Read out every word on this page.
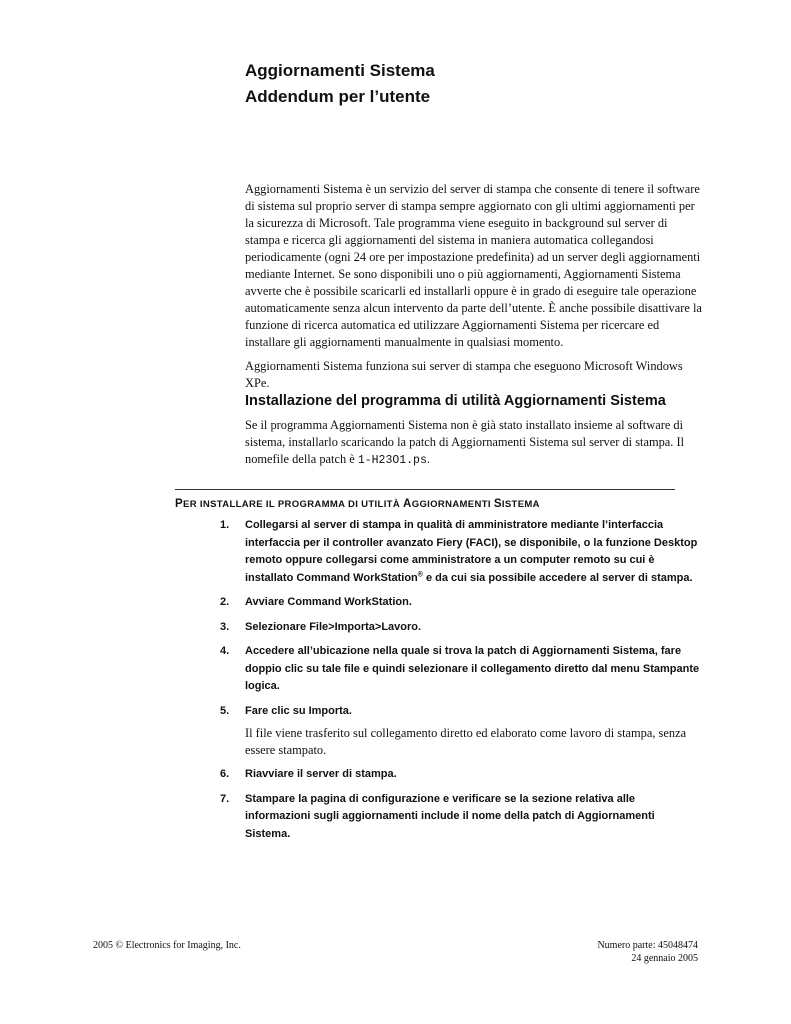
Aggiornamenti Sistema
Addendum per l’utente

Aggiornamenti Sistema è un servizio del server di stampa che consente di tenere il software di sistema sul proprio server di stampa sempre aggiornato con gli ultimi aggiornamenti per la sicurezza di Microsoft. Tale programma viene eseguito in background sul server di stampa e ricerca gli aggiornamenti del sistema in maniera automatica collegandosi periodicamente (ogni 24 ore per impostazione predefinita) ad un server degli aggiornamenti mediante Internet. Se sono disponibili uno o più aggiornamenti, Aggiornamenti Sistema avverte che è possibile scaricarli ed installarli oppure è in grado di eseguire tale operazione automaticamente senza alcun intervento da parte dell’utente. È anche possibile disattivare la funzione di ricerca automatica ed utilizzare Aggiornamenti Sistema per ricercare ed installare gli aggiornamenti manualmente in qualsiasi momento.

Aggiornamenti Sistema funziona sui server di stampa che eseguono Microsoft Windows XPe.

Installazione del programma di utilità Aggiornamenti Sistema

Se il programma Aggiornamenti Sistema non è già stato installato insieme al software di sistema, installarlo scaricando la patch di Aggiornamenti Sistema sul server di stampa. Il nomefile della patch è 1-H23O1.ps.

PER INSTALLARE IL PROGRAMMA DI UTILITÀ AGGIORNAMENTI SISTEMA
1. Collegarsi al server di stampa in qualità di amministratore mediante l’interfaccia interfaccia per il controller avanzato Fiery (FACI), se disponibile, o la funzione Desktop remoto oppure collegarsi come amministratore a un computer remoto su cui è installato Command WorkStation® e da cui sia possibile accedere al server di stampa.

2. Avviare Command WorkStation.

3. Selezionare File>Importa>Lavoro.

4. Accedere all’ubicazione nella quale si trova la patch di Aggiornamenti Sistema, fare doppio clic su tale file e quindi selezionare il collegamento diretto dal menu Stampante logica.

5. Fare clic su Importa.

Il file viene trasferito sul collegamento diretto ed elaborato come lavoro di stampa, senza essere stampato.

6. Riavviare il server di stampa.

7. Stampare la pagina di configurazione e verificare se la sezione relativa alle informazioni sugli aggiornamenti include il nome della patch di Aggiornamenti Sistema.

2005 © Electronics for Imaging, Inc.	Numero parte: 45048474
24 gennaio 2005
